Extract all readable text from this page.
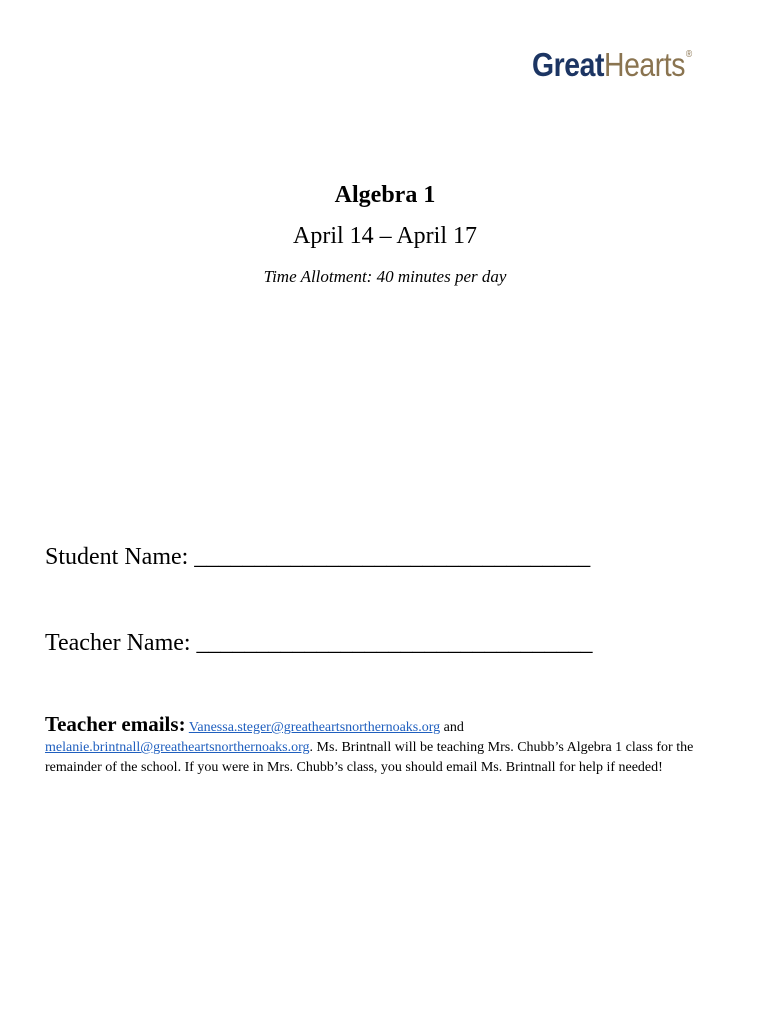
GreatHearts®
Algebra 1
April 14 – April 17
Time Allotment: 40 minutes per day
Student Name: _________________________________
Teacher Name: _________________________________
Teacher emails: Vanessa.steger@greatheartsnorthernoaks.org and melanie.brintnall@greatheartsnorthernoaks.org. Ms. Brintnall will be teaching Mrs. Chubb’s Algebra 1 class for the remainder of the school. If you were in Mrs. Chubb’s class, you should email Ms. Brintnall for help if needed!
